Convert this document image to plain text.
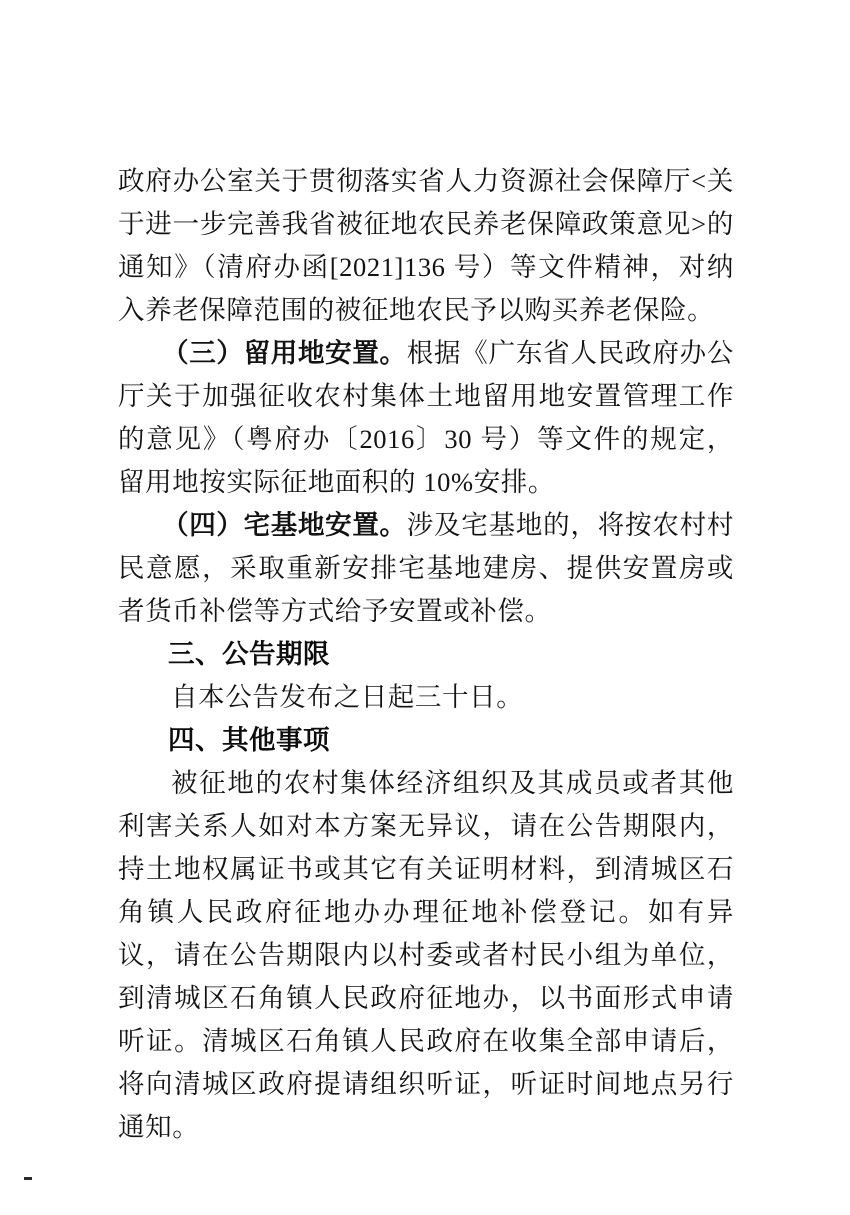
政府办公室关于贯彻落实省人力资源社会保障厅<关于进一步完善我省被征地农民养老保障政策意见>的通知》（清府办函[2021]136 号）等文件精神，对纳入养老保障范围的被征地农民予以购买养老保险。

（三）留用地安置。根据《广东省人民政府办公厅关于加强征收农村集体土地留用地安置管理工作的意见》（粤府办〔2016〕30 号）等文件的规定，留用地按实际征地面积的 10%安排。

（四）宅基地安置。涉及宅基地的，将按农村村民意愿，采取重新安排宅基地建房、提供安置房或者货币补偿等方式给予安置或补偿。

三、公告期限

自本公告发布之日起三十日。

四、其他事项

被征地的农村集体经济组织及其成员或者其他利害关系人如对本方案无异议，请在公告期限内，持土地权属证书或其它有关证明材料，到清城区石角镇人民政府征地办办理征地补偿登记。如有异议，请在公告期限内以村委或者村民小组为单位，到清城区石角镇人民政府征地办，以书面形式申请听证。清城区石角镇人民政府在收集全部申请后，将向清城区政府提请组织听证，听证时间地点另行通知。
